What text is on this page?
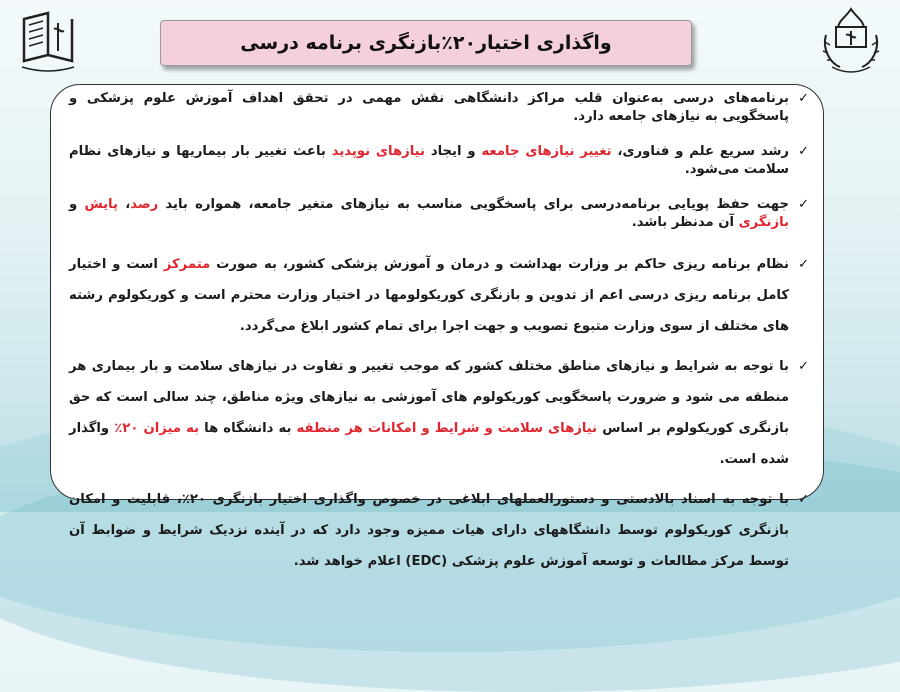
واگذاری اختیار۲۰٪بازنگری برنامه درسی
✓
برنامه‌های درسی به‌عنوان قلب مراکز دانشگاهی نقش مهمی در تحقق اهداف آموزش علوم پزشکی و پاسخگویی به نیازهای جامعه دارد.
✓
رشد سریع علم و فناوری، تغییر نیازهای جامعه و ایجاد نیازهای نوپدید باعث تغییر بار بیماریها و نیازهای نظام سلامت می‌شود.
✓
جهت حفظ پویایی برنامه‌درسی برای پاسخگویی مناسب به نیازهای متغیر جامعه، همواره باید رصد، پایش و بازنگری آن مدنظر باشد.
✓
نظام برنامه ریزی حاکم بر وزارت بهداشت و درمان و آموزش پزشکی کشور، به صورت متمرکز است و اختیار کامل برنامه ریزی درسی اعم از تدوین و بازنگری کوریکولومها در اختیار وزارت محترم است و کوریکولوم رشته های مختلف از سوی وزارت متبوع تصویب و جهت اجرا برای تمام کشور ابلاغ می‌گردد.
✓
با توجه به شرایط و نیازهای مناطق مختلف کشور که موجب تغییر و تفاوت در نیازهای سلامت و بار بیماری هر منطقه می شود و ضرورت پاسخگویی کوریکولوم های آموزشی به نیازهای ویژه مناطق، چند سالی است که حق بازنگری کوریکولوم بر اساس نیازهای سلامت و شرایط و امکانات هر منطقه به دانشگاه ها به میزان ۲۰٪ واگذار شده است.
✓
با توجه به اسناد بالادستی و دستورالعملهای ابلاغی در خصوص واگذاری اختیار بازنگری ۲۰٪، قابلیت و امکان بازنگری کوریکولوم توسط دانشگاههای دارای هیات ممیزه وجود دارد که در آینده نزدیک شرایط و ضوابط آن توسط مرکز مطالعات و توسعه آموزش علوم پزشکی (EDC) اعلام خواهد شد.
